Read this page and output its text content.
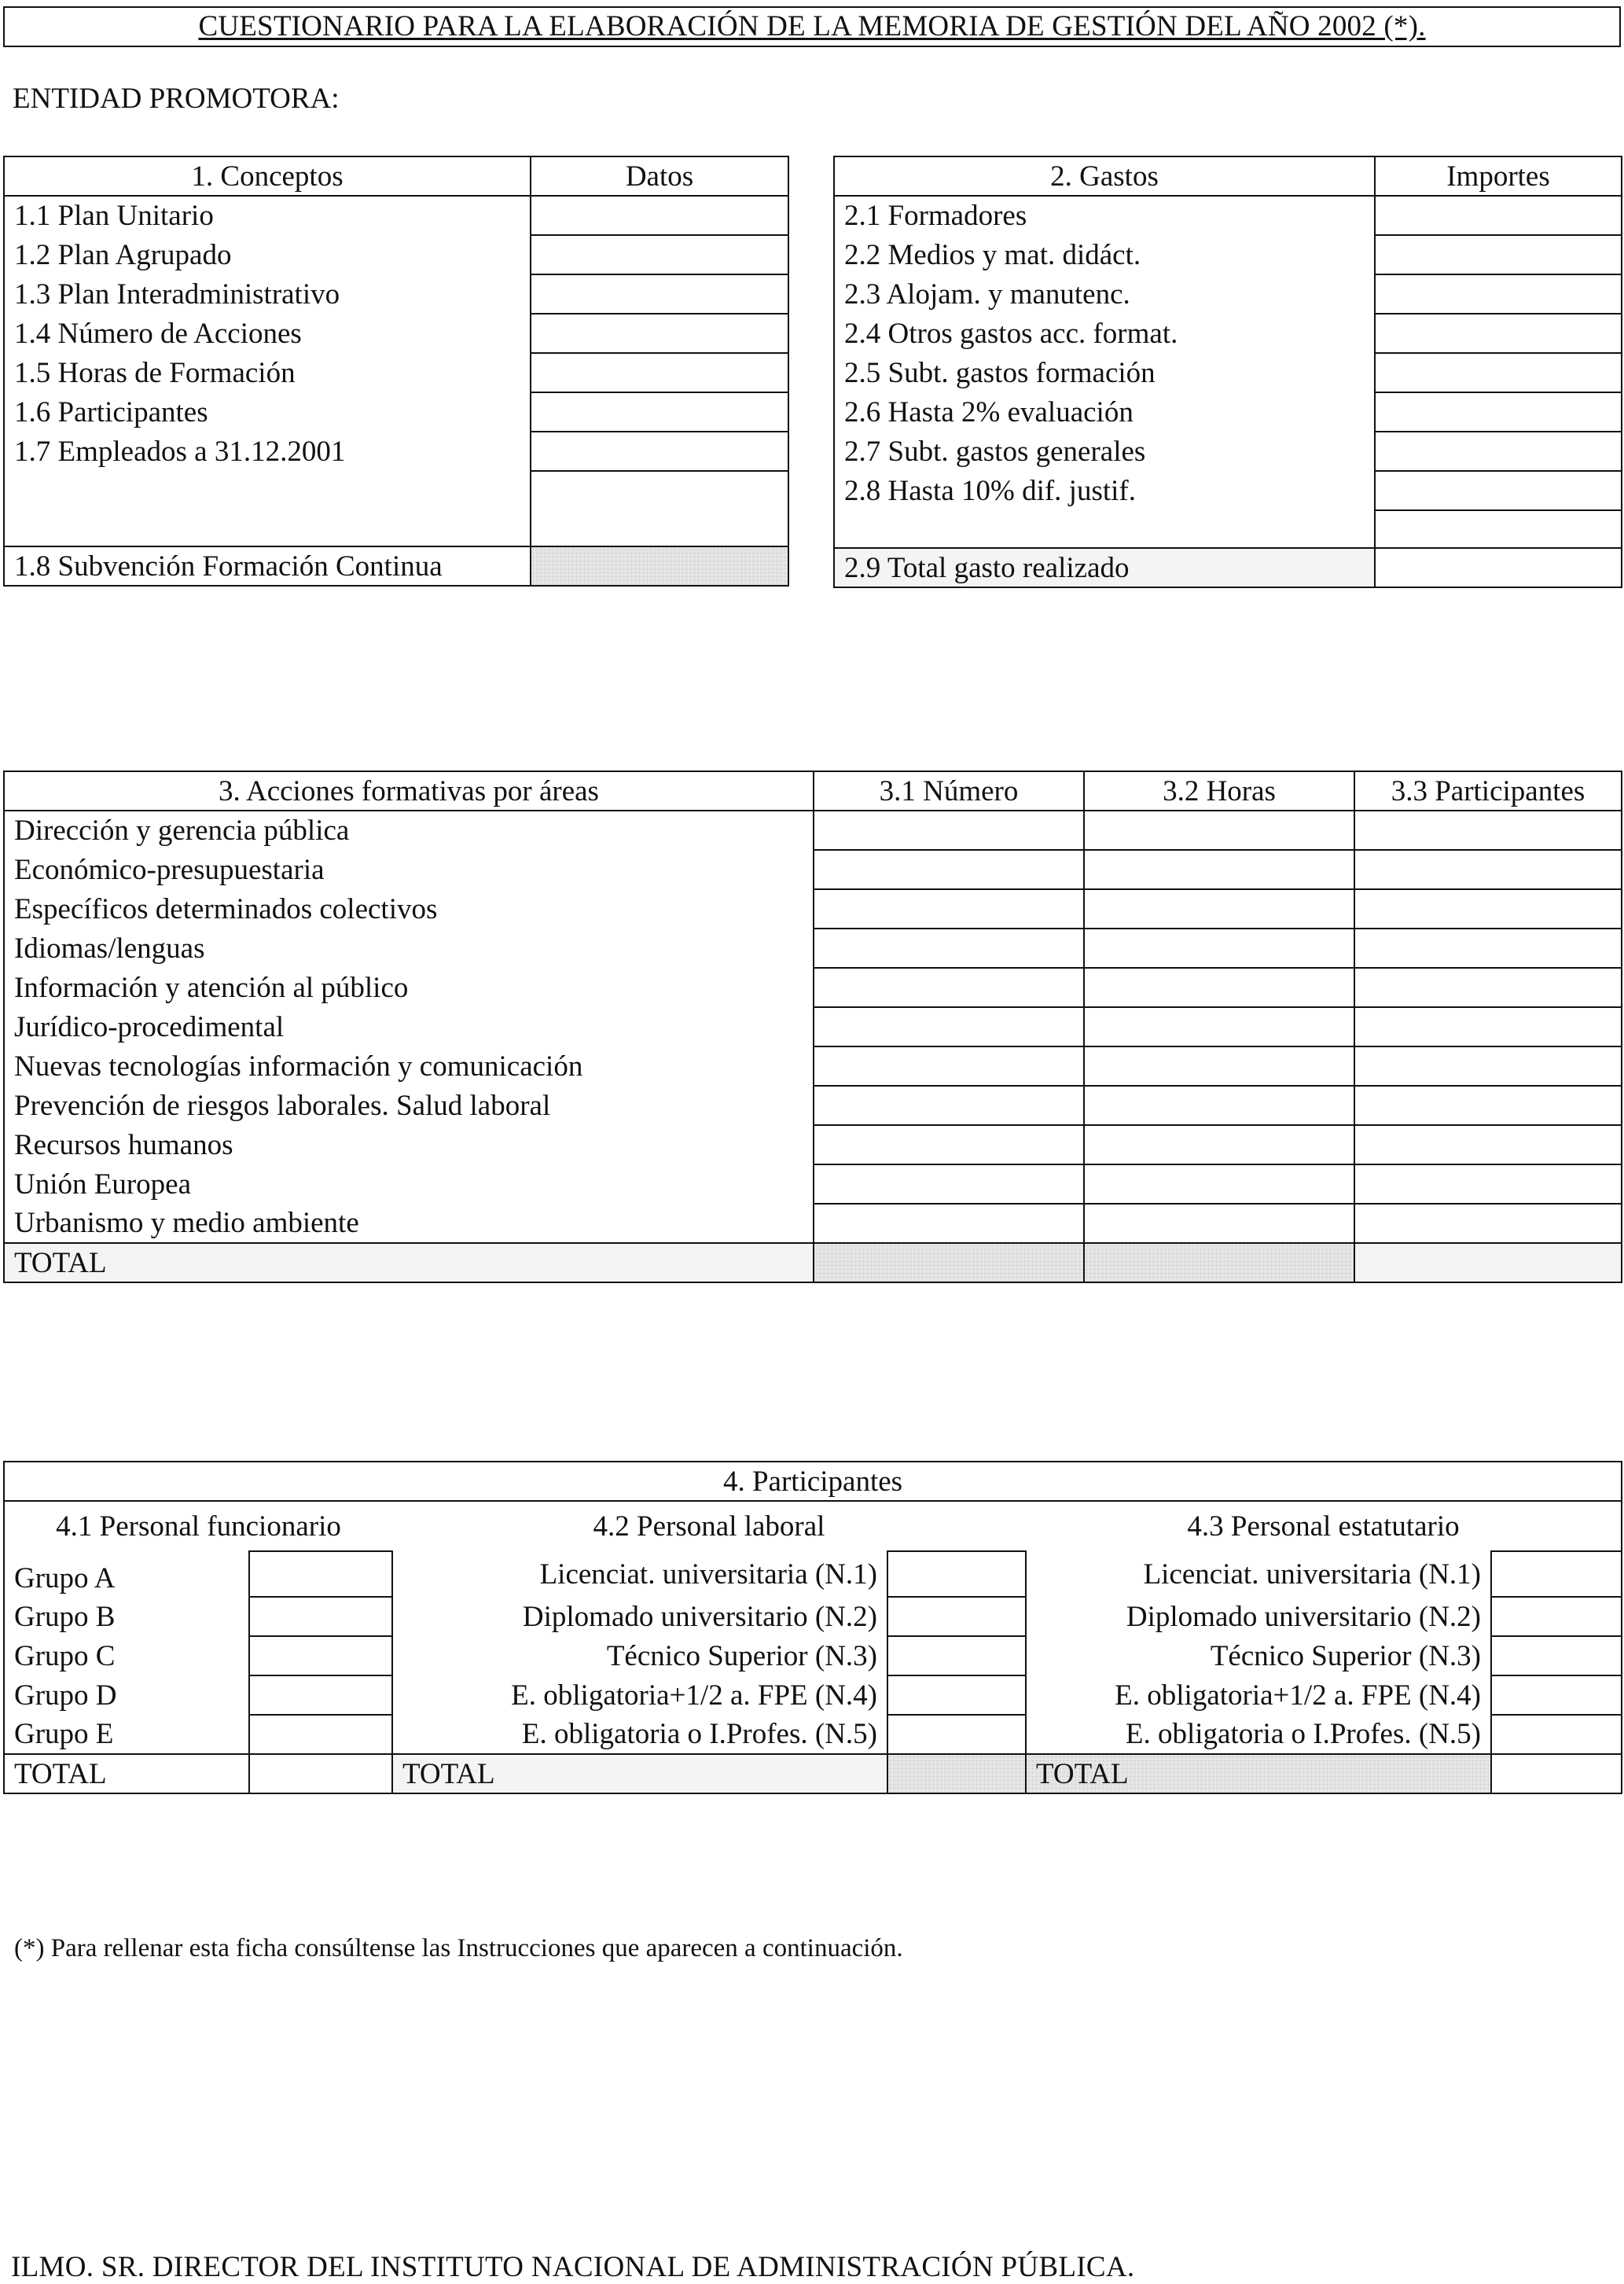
CUESTIONARIO PARA LA ELABORACIÓN DE LA MEMORIA DE GESTIÓN DEL AÑO 2002 (*).
ENTIDAD PROMOTORA:
1. Conceptos	Datos
1.1 Plan Unitario	
1.2 Plan Agrupado	
1.3 Plan Interadministrativo	
1.4 Número de Acciones	
1.5 Horas de Formación	
1.6 Participantes	
1.7 Empleados a 31.12.2001	

1.8 Subvención Formación Continua	
2. Gastos	Importes
2.1 Formadores	
2.2 Medios y mat. didáct.	
2.3 Alojam. y manutenc.	
2.4 Otros gastos acc. format.	
2.5 Subt. gastos formación	
2.6 Hasta 2% evaluación	
2.7 Subt. gastos generales	
2.8 Hasta 10% dif. justif.	

2.9 Total gasto realizado	
3. Acciones formativas por áreas	3.1 Número	3.2 Horas	3.3 Participantes
Dirección y gerencia pública			
Económico-presupuestaria			
Específicos determinados colectivos			
Idiomas/lenguas			
Información y atención al público			
Jurídico-procedimental			
Nuevas tecnologías información y comunicación			
Prevención de riesgos laborales. Salud laboral			
Recursos humanos			
Unión Europea			
Urbanismo y medio ambiente			
TOTAL			
4. Participantes					
4.1 Personal funcionario		4.2 Personal laboral		4.3 Personal estatutario	
Grupo A		Licenciat. universitaria (N.1)		Licenciat. universitaria (N.1)	
Grupo B		Diplomado universitario (N.2)		Diplomado universitario (N.2)	
Grupo C		Técnico Superior (N.3)		Técnico Superior (N.3)	
Grupo D		E. obligatoria+1/2 a. FPE (N.4)		E. obligatoria+1/2 a. FPE (N.4)	
Grupo E		E. obligatoria o I.Profes. (N.5)		E. obligatoria o I.Profes. (N.5)	
TOTAL		TOTAL		TOTAL	
(*) Para rellenar esta ficha consúltense las Instrucciones que aparecen a continuación.
ILMO. SR. DIRECTOR DEL INSTITUTO NACIONAL DE ADMINISTRACIÓN PÚBLICA.
